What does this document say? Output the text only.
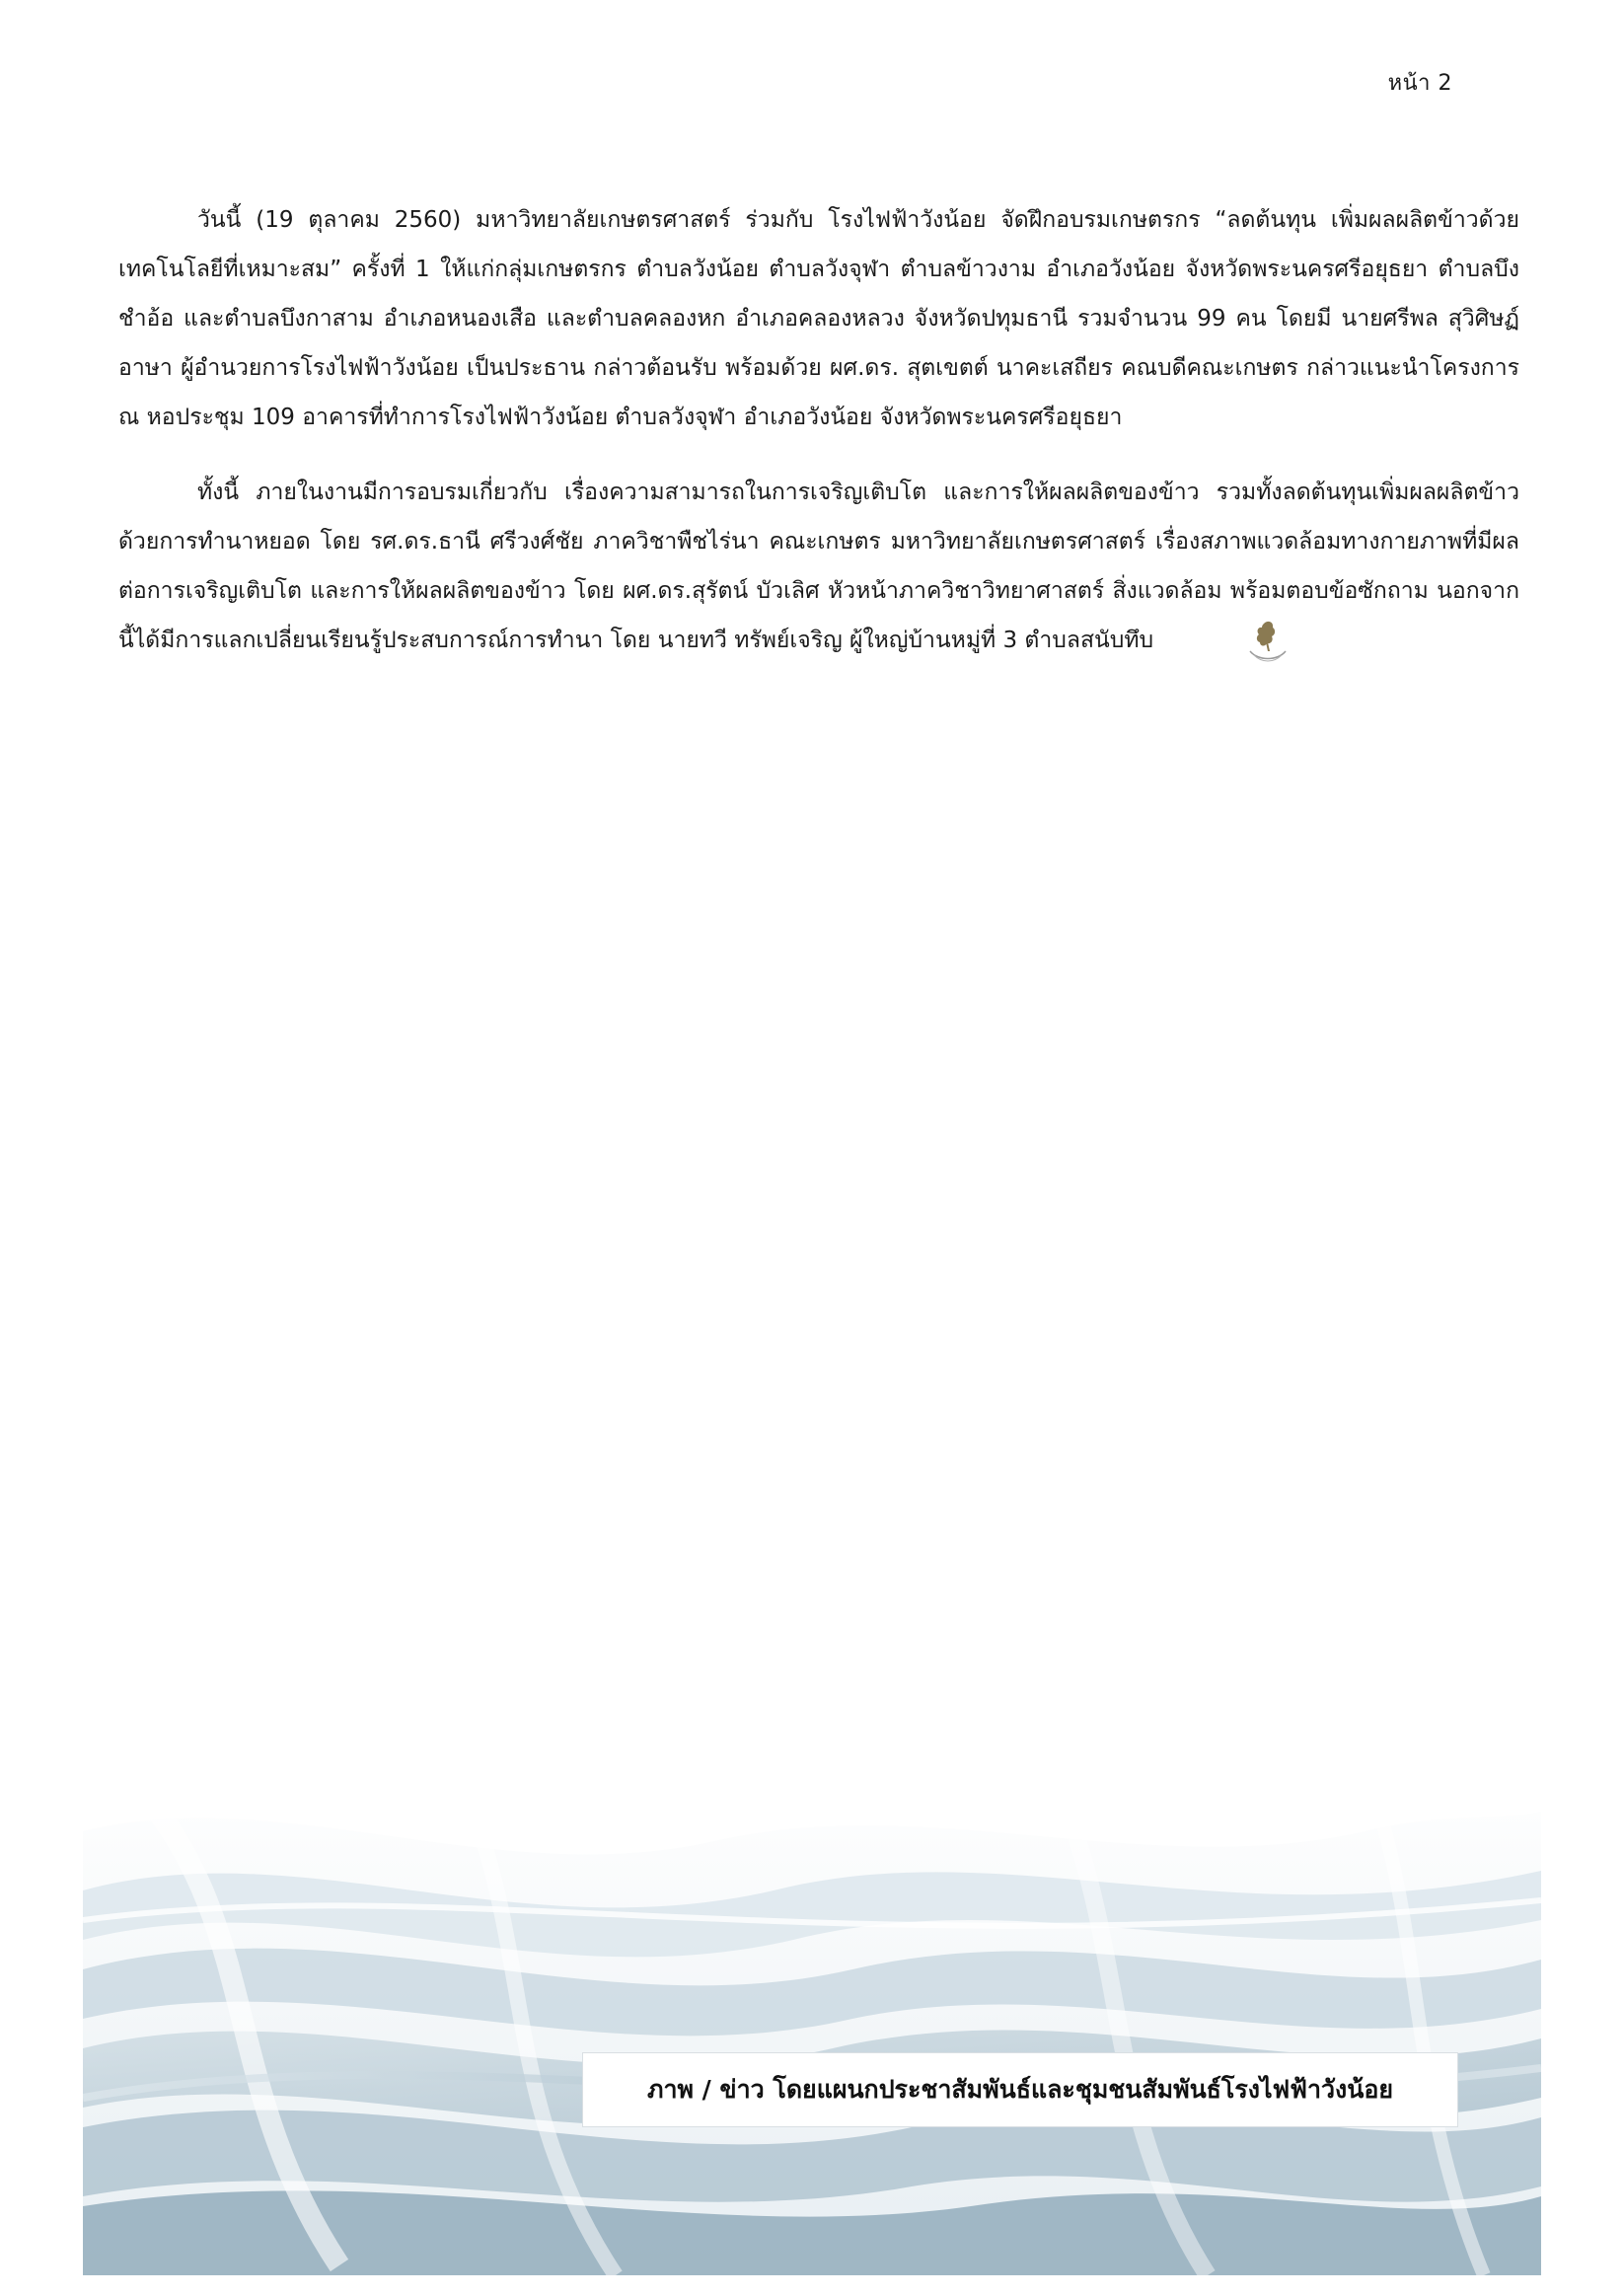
หน้า 2

วันนี้ (19 ตุลาคม 2560) มหาวิทยาลัยเกษตรศาสตร์ ร่วมกับ โรงไฟฟ้าวังน้อย จัดฝึกอบรมเกษตรกร “ลดต้นทุน เพิ่มผลผลิตข้าวด้วยเทคโนโลยีที่เหมาะสม” ครั้งที่ 1 ให้แก่กลุ่มเกษตรกร ตำบลวังน้อย ตำบลวังจุฬา ตำบลข้าวงาม อำเภอวังน้อย จังหวัดพระนครศรีอยุธยา ตำบลบึงชำอ้อ และตำบลบึงกาสาม อำเภอหนองเสือ และตำบลคลองหก อำเภอคลองหลวง จังหวัดปทุมธานี รวมจำนวน 99 คน โดยมี นายศรีพล สุวิศิษฏ์อาษา ผู้อำนวยการโรงไฟฟ้าวังน้อย เป็นประธาน กล่าวต้อนรับ พร้อมด้วย ผศ.ดร. สุตเขตต์ นาคะเสถียร คณบดีคณะเกษตร กล่าวแนะนำโครงการ ณ หอประชุม 109 อาคารที่ทำการโรงไฟฟ้าวังน้อย ตำบลวังจุฬา อำเภอวังน้อย จังหวัดพระนครศรีอยุธยา

ทั้งนี้ ภายในงานมีการอบรมเกี่ยวกับ เรื่องความสามารถในการเจริญเติบโต และการให้ผลผลิตของข้าว รวมทั้งลดต้นทุนเพิ่มผลผลิตข้าว ด้วยการทำนาหยอด โดย รศ.ดร.ธานี ศรีวงศ์ชัย ภาควิชาพืชไร่นา คณะเกษตร มหาวิทยาลัยเกษตรศาสตร์ เรื่องสภาพแวดล้อมทางกายภาพที่มีผลต่อการเจริญเติบโต และการให้ผลผลิตของข้าว โดย ผศ.ดร.สุรัตน์ บัวเลิศ หัวหน้าภาควิชาวิทยาศาสตร์ สิ่งแวดล้อม พร้อมตอบข้อซักถาม นอกจากนี้ได้มีการแลกเปลี่ยนเรียนรู้ประสบการณ์การทำนา โดย นายทวี ทรัพย์เจริญ ผู้ใหญ่บ้านหมู่ที่ 3 ตำบลสนับทึบ

ภาพ / ข่าว โดยแผนกประชาสัมพันธ์และชุมชนสัมพันธ์โรงไฟฟ้าวังน้อย
